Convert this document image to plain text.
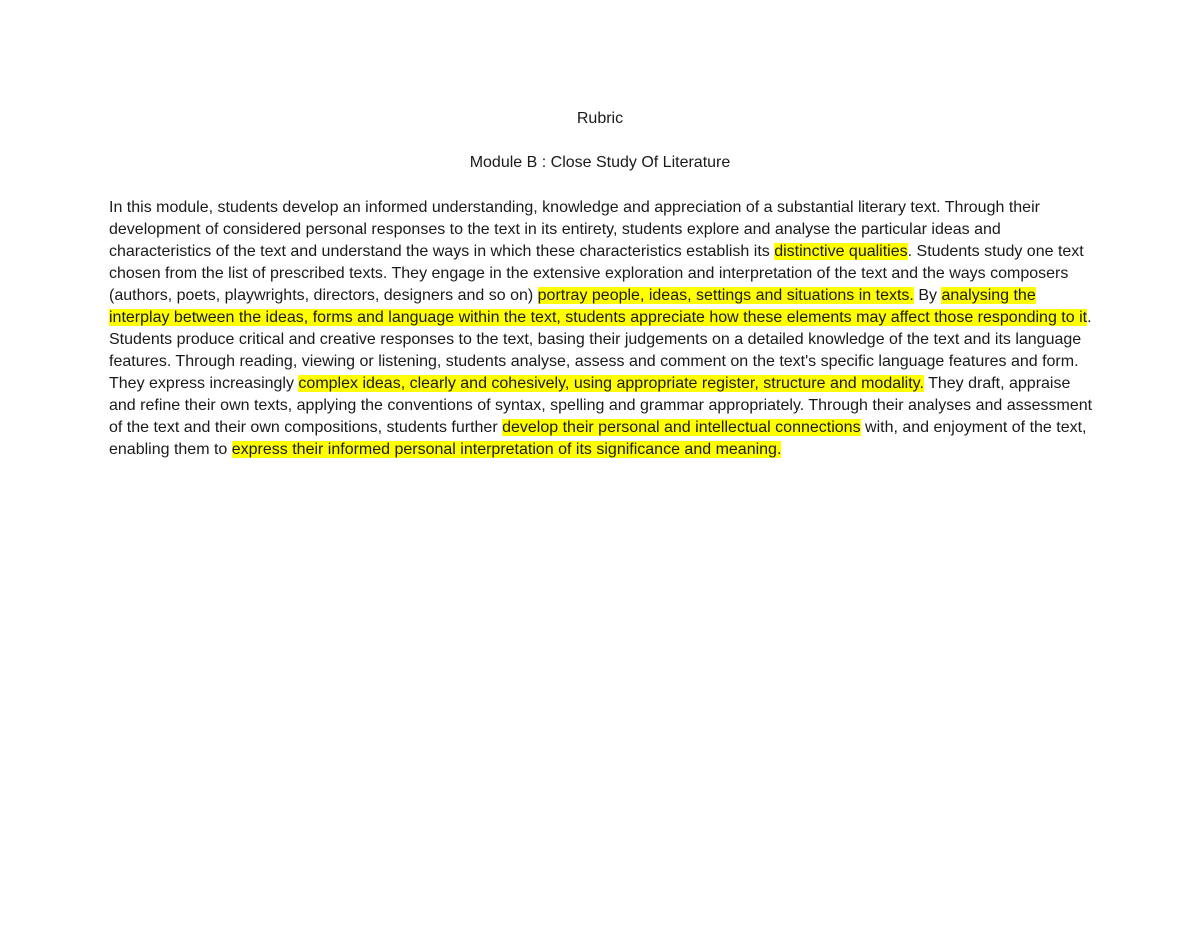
Rubric
Module B : Close Study Of Literature

In this module, students develop an informed understanding, knowledge and appreciation of a substantial literary text. Through their development of considered personal responses to the text in its entirety, students explore and analyse the particular ideas and characteristics of the text and understand the ways in which these characteristics establish its distinctive qualities. Students study one text chosen from the list of prescribed texts. They engage in the extensive exploration and interpretation of the text and the ways composers (authors, poets, playwrights, directors, designers and so on) portray people, ideas, settings and situations in texts. By analysing the interplay between the ideas, forms and language within the text, students appreciate how these elements may affect those responding to it. Students produce critical and creative responses to the text, basing their judgements on a detailed knowledge of the text and its language features. Through reading, viewing or listening, students analyse, assess and comment on the text's specific language features and form. They express increasingly complex ideas, clearly and cohesively, using appropriate register, structure and modality. They draft, appraise and refine their own texts, applying the conventions of syntax, spelling and grammar appropriately. Through their analyses and assessment of the text and their own compositions, students further develop their personal and intellectual connections with, and enjoyment of the text, enabling them to express their informed personal interpretation of its significance and meaning.
